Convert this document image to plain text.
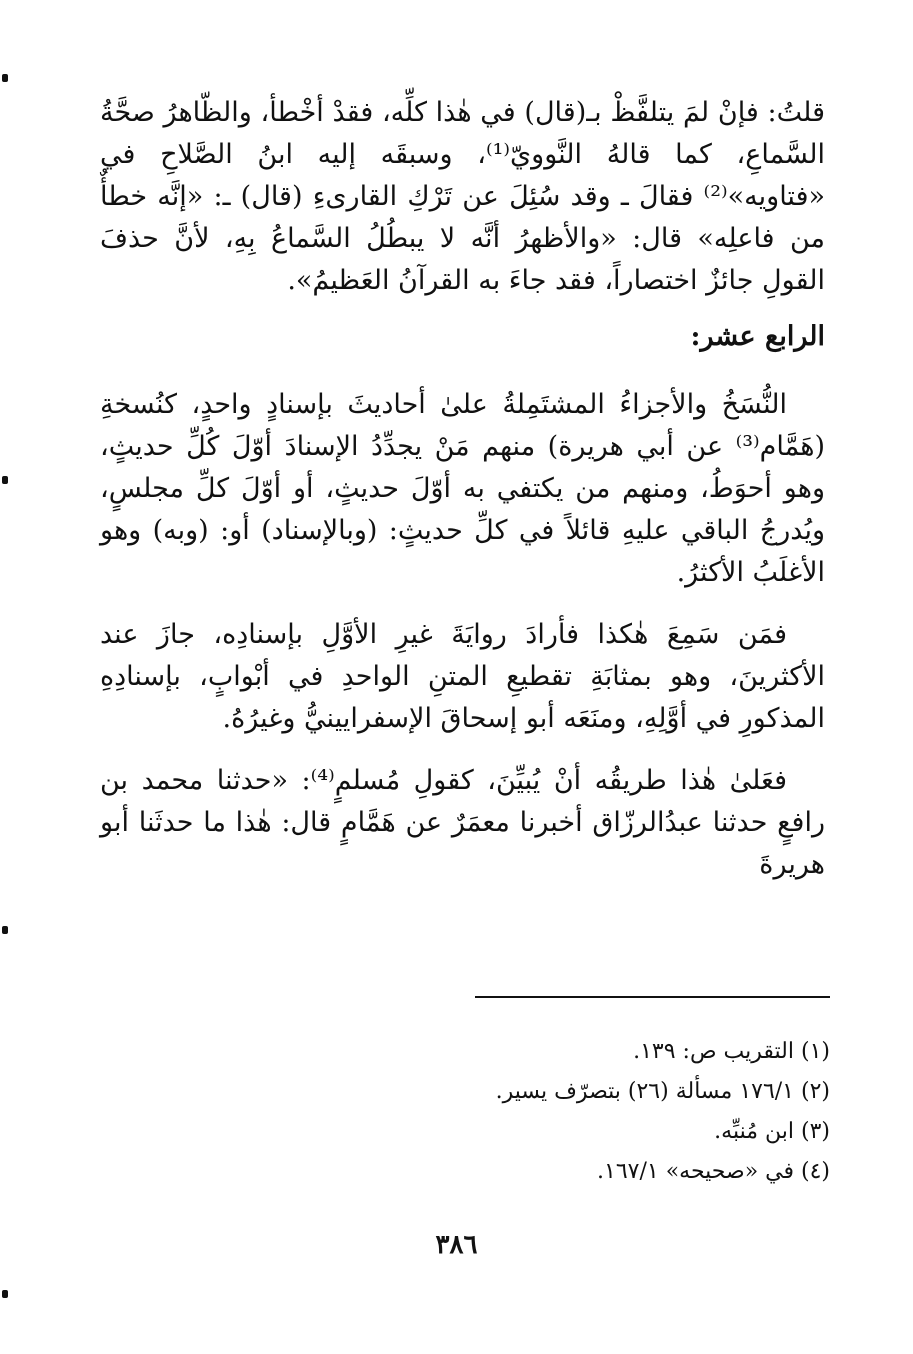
قلتُ: فإنْ لمَ يتلفَّظْ بـ(قال) في هٰذا كلِّه، فقدْ أخْطأ، والظّاهرُ صحَّةُ السَّماعِ، كما قالهُ النَّوويّ⁽¹⁾، وسبقَه إليه ابنُ الصَّلاحِ في «فتاويه»⁽²⁾ فقالَ ـ وقد سُئِلَ عن تَرْكِ القارىءِ (قال) ـ: «إنَّه خطأٌ من فاعلِه» قال: «والأظهرُ أنَّه لا يبطُلُ السَّماعُ بِهِ، لأنَّ حذفَ القولِ جائزٌ اختصاراً، فقد جاءَ به القرآنُ العَظيمُ».

الرابع عشر:

النُّسَخُ والأجزاءُ المشتَمِلةُ علىٰ أحاديثَ بإسنادٍ واحدٍ، كنُسخةِ (هَمَّام⁽³⁾ عن أبي هريرة) منهم مَنْ يجدِّدُ الإسنادَ أوّلَ كُلِّ حديثٍ، وهو أحوَطُ، ومنهم من يكتفي به أوّلَ حديثٍ، أو أوّلَ كلِّ مجلسٍ، ويُدرجُ الباقي عليهِ قائلاً في كلِّ حديثٍ: (وبالإسناد) أو: (وبه) وهو الأغلَبُ الأكثرُ.

فمَن سَمِعَ هٰكذا فأرادَ روايَةَ غيرِ الأوَّلِ بإسنادِه، جازَ عند الأكثرينَ، وهو بمثابَةِ تقطيعِ المتنِ الواحدِ في أبْوابٍ، بإسنادِهِ المذكورِ في أوَّلِهِ، ومنَعَه أبو إسحاقَ الإسفرايينيُّ وغيرُهُ.

فعَلىٰ هٰذا طريقُه أنْ يُبيِّنَ، كقولِ مُسلمٍ⁽⁴⁾: «حدثنا محمد بن رافعٍ حدثنا عبدُالرزّاق أخبرنا معمَرٌ عن هَمَّامٍ قال: هٰذا ما حدثَنا أبو هريرةَ

(١) التقريب ص: ١٣٩.
(٢) ١٧٦/١ مسألة (٢٦) بتصرّف يسير.
(٣) ابن مُنبِّه.
(٤) في «صحيحه» ١٦٧/١.
٣٨٦
